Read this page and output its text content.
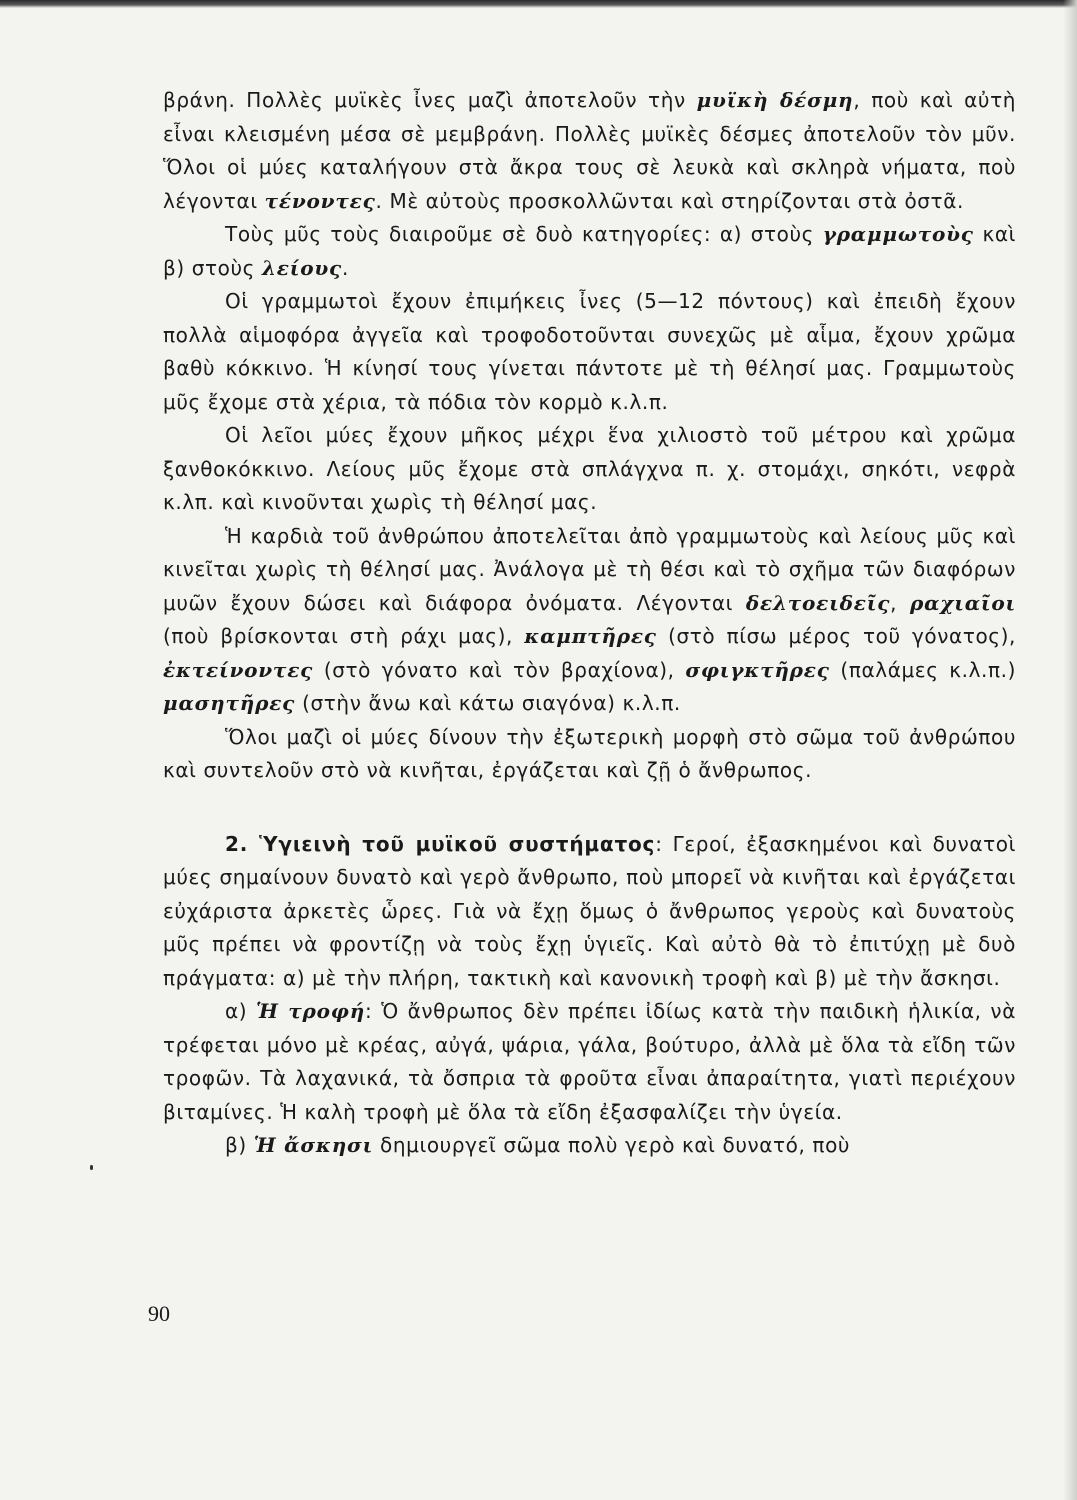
βράνη. Πολλὲς μυϊκὲς ἶνες μαζὶ ἀποτελοῦν τὴν μυϊκὴ δέσμη, ποὺ καὶ αὐτὴ εἶναι κλεισμένη μέσα σὲ μεμβράνη. Πολλὲς μυϊκὲς δέσμες ἀποτελοῦν τὸν μῦν. Ὅλοι οἱ μύες καταλήγουν στὰ ἄκρα τους σὲ λευκὰ καὶ σκληρὰ νήματα, ποὺ λέγονται τένοντες. Μὲ αὐτοὺς προσκολλῶνται καὶ στηρίζονται στὰ ὀστᾶ.

Τοὺς μῦς τοὺς διαιροῦμε σὲ δυὸ κατηγορίες: α) στοὺς γραμμωτοὺς καὶ β) στοὺς λείους.

Οἱ γραμμωτοὶ ἔχουν ἐπιμήκεις ἶνες (5—12 πόντους) καὶ ἐπειδὴ ἔχουν πολλὰ αἱμοφόρα ἀγγεῖα καὶ τροφοδοτοῦνται συνεχῶς μὲ αἷμα, ἔχουν χρῶμα βαθὺ κόκκινο. Ἡ κίνησί τους γίνεται πάντοτε μὲ τὴ θέλησί μας. Γραμμωτοὺς μῦς ἔχομε στὰ χέρια, τὰ πόδια τὸν κορμὸ κ.λ.π.

Οἱ λεῖοι μύες ἔχουν μῆκος μέχρι ἕνα χιλιοστὸ τοῦ μέτρου καὶ χρῶμα ξανθοκόκκινο. Λείους μῦς ἔχομε στὰ σπλάγχνα π. χ. στομάχι, σηκότι, νεφρὰ κ.λπ. καὶ κινοῦνται χωρὶς τὴ θέλησί μας.

Ἡ καρδιὰ τοῦ ἀνθρώπου ἀποτελεῖται ἀπὸ γραμμωτοὺς καὶ λείους μῦς καὶ κινεῖται χωρὶς τὴ θέλησί μας. Ἀνάλογα μὲ τὴ θέσι καὶ τὸ σχῆμα τῶν διαφόρων μυῶν ἔχουν δώσει καὶ διάφορα ὀνόματα. Λέγονται δελτοειδεῖς, ραχιαῖοι (ποὺ βρίσκονται στὴ ράχι μας), καμπτῆρες (στὸ πίσω μέρος τοῦ γόνατος), ἐκτείνοντες (στὸ γόνατο καὶ τὸν βραχίονα), σφιγκτῆρες (παλάμες κ.λ.π.) μασητῆρες (στὴν ἄνω καὶ κάτω σιαγόνα) κ.λ.π.

Ὅλοι μαζὶ οἱ μύες δίνουν τὴν ἐξωτερικὴ μορφὴ στὸ σῶμα τοῦ ἀνθρώπου καὶ συντελοῦν στὸ νὰ κινῆται, ἐργάζεται καὶ ζῇ ὁ ἄνθρωπος.

2. Ὑγιεινὴ τοῦ μυϊκοῦ συστήματος: Γεροί, ἐξασκημένοι καὶ δυνατοὶ μύες σημαίνουν δυνατὸ καὶ γερὸ ἄνθρωπο, ποὺ μπορεῖ νὰ κινῆται καὶ ἐργάζεται εὐχάριστα ἀρκετὲς ὧρες. Γιὰ νὰ ἔχῃ ὅμως ὁ ἄνθρωπος γεροὺς καὶ δυνατοὺς μῦς πρέπει νὰ φροντίζῃ νὰ τοὺς ἔχῃ ὑγιεῖς. Καὶ αὐτὸ θὰ τὸ ἐπιτύχῃ μὲ δυὸ πράγματα: α) μὲ τὴν πλήρη, τακτικὴ καὶ κανονικὴ τροφὴ καὶ β) μὲ τὴν ἄσκησι.

α) Ἡ τροφή: Ὁ ἄνθρωπος δὲν πρέπει ἰδίως κατὰ τὴν παιδικὴ ἡλικία, νὰ τρέφεται μόνο μὲ κρέας, αὐγά, ψάρια, γάλα, βούτυρο, ἀλλὰ μὲ ὅλα τὰ εἴδη τῶν τροφῶν. Τὰ λαχανικά, τὰ ὄσπρια τὰ φροῦτα εἶναι ἀπαραίτητα, γιατὶ περιέχουν βιταμίνες. Ἡ καλὴ τροφὴ μὲ ὅλα τὰ εἴδη ἐξασφαλίζει τὴν ὑγεία.

β) Ἡ ἄσκησι δημιουργεῖ σῶμα πολὺ γερὸ καὶ δυνατό, ποὺ

90
